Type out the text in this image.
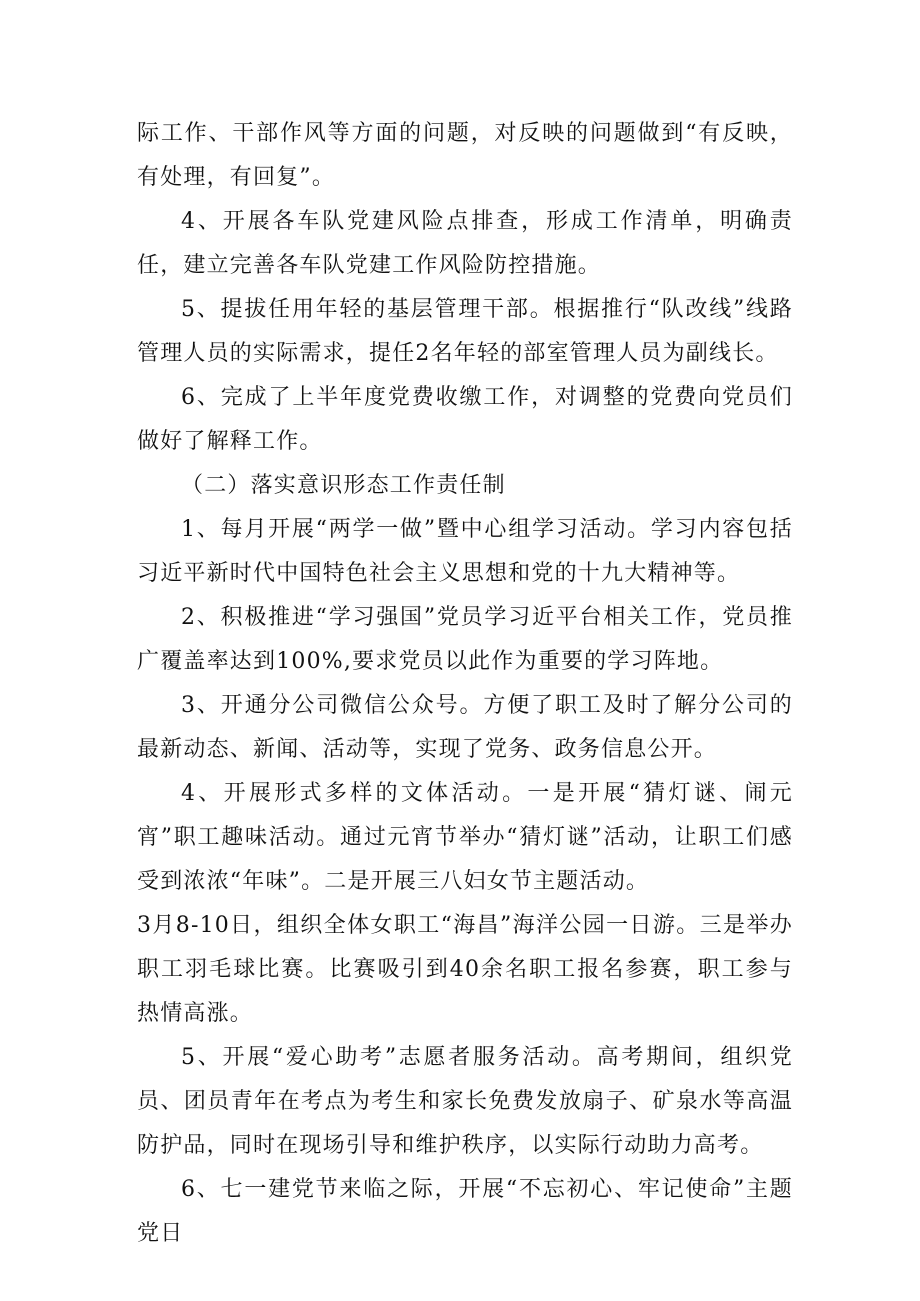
际工作、干部作风等方面的问题，对反映的问题做到“有反映，有处理，有回复”。

4、开展各车队党建风险点排查，形成工作清单，明确责任，建立完善各车队党建工作风险防控措施。

5、提拔任用年轻的基层管理干部。根据推行“队改线”线路管理人员的实际需求，提任2名年轻的部室管理人员为副线长。

6、完成了上半年度党费收缴工作，对调整的党费向党员们做好了解释工作。

（二）落实意识形态工作责任制

1、每月开展“两学一做”暨中心组学习活动。学习内容包括习近平新时代中国特色社会主义思想和党的十九大精神等。

2、积极推进“学习强国”党员学习近平台相关工作，党员推广覆盖率达到100%,要求党员以此作为重要的学习阵地。

3、开通分公司微信公众号。方便了职工及时了解分公司的最新动态、新闻、活动等，实现了党务、政务信息公开。

4、开展形式多样的文体活动。一是开展“猜灯谜、闹元宵”职工趣味活动。通过元宵节举办“猜灯谜”活动，让职工们感受到浓浓“年味”。二是开展三八妇女节主题活动。

3月8-10日，组织全体女职工“海昌”海洋公园一日游。三是举办职工羽毛球比赛。比赛吸引到40余名职工报名参赛，职工参与热情高涨。

5、开展“爱心助考”志愿者服务活动。高考期间，组织党员、团员青年在考点为考生和家长免费发放扇子、矿泉水等高温防护品，同时在现场引导和维护秩序，以实际行动助力高考。

6、七一建党节来临之际，开展“不忘初心、牢记使命”主题党日
